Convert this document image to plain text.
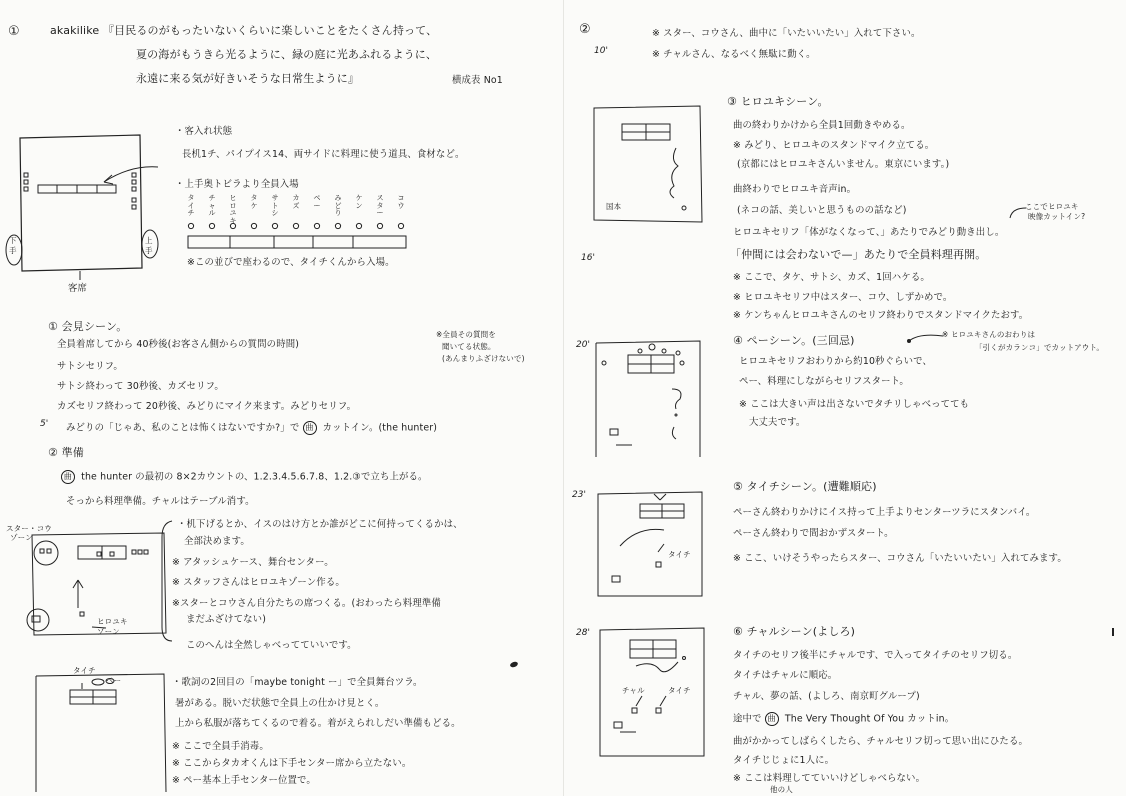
①	②
akakilike 『目民るのがもったいないくらいに楽しいことをたくさん持って、
夏の海がもうきら光るように、緑の庭に光あふれるように、
永遠に来る気が好きいそうな日常生ように』	横成表 No1
下手
上手
客席
・客入れ状態
長机1チ、パイプイス14、両サイドに料理に使う道具、食材など。
・上手奥トビラより全員入場
タイチ
チャル
ヒロユキ
タケ
サトシ
カズ
ペー
みどり
ケン
スター
コウ
※この並びで座わるので、タイチくんから入場。
① 会見シーン。
全員着席してから 40秒後(お客さん側からの質問の時間)
サトシセリフ。
サトシ終わって 30秒後、カズセリフ。
カズセリフ終わって 20秒後、みどりにマイク来ます。みどりセリフ。
※全員その質問を
聞いてる状態。
(あんまりふざけないで)
5' みどりの「じゃあ、私のことは怖くはないですか?」で 曲 カットイン。(the hunter)
② 準備
曲 the hunter の最初の 8×2カウントの、1.2.3.4.5.6.7.8、1.2.③で立ち上がる。
そっから料理準備。チャルはテーブル消す。
スター・コウ
ゾーン
ヒロユキ
ゾーン
・机下げるとか、イスのはけ方とか誰がどこに何持ってくるかは、
全部決めます。
※ アタッシュケース、舞台センター。
※ スタッフさんはヒロユキゾーン作る。
※スターとコウさん自分たちの席つくる。(おわったら料理準備
まだふざけてない)
このへんは全然しゃべってていいです。
タイチ
ペー	・歌詞の2回目の「maybe tonight ー」で全員舞台ツラ。
暑がある。脱いだ状態で全員上の仕かけ見とく。
上から私服が落ちてくるので着る。着がえられしだい準備もどる。
※ ここで全員手消毒。
※ ここからタカオくんは下手センター席から立たない。
※ ペー基本上手センター位置で。
※ スター、コウさん、曲中に「いたいいたい」入れて下さい。
※ チャルさん、なるべく無駄に動く。
10'
国本
③ ヒロユキシーン。
曲の終わりかけから全員1回動きやめる。
※ みどり、ヒロユキのスタンドマイク立てる。
(京都にはヒロユキさんいません。東京にいます。)
曲終わりでヒロユキ音声in。
(ネコの話、美しいと思うものの話など)	ここでヒロユキ
映像カットイン?
ヒロユキセリフ「体がなくなって、」あたりでみどり動き出し。
「仲間には会わないで—」あたりで全員料理再開。
※ ここで、タケ、サトシ、カズ、1回ハケる。
※ ヒロユキセリフ中はスター、コウ、しずかめで。
※ ケンちゃんヒロユキさんのセリフ終わりでスタンドマイクたおす。
16'
④ ペーシーン。(三回忌)	※ ヒロユキさんのおわりは
「引くがカランコ」でカットアウト。
ヒロユキセリフおわりから約10秒ぐらいで、
ペー、料理にしながらセリフスタート。
※ ここは大きい声は出さないでタチリしゃべってても
大丈夫です。
20'
タイチ
⑤ タイチシーン。(遭難順応)
ペーさん終わりかけにイス持って上手よりセンターツラにスタンバイ。
ペーさん終わりで間おかずスタート。
※ ここ、いけそうやったらスター、コウさん「いたいいたい」入れてみます。
23'
チャル	タイチ
⑥ チャルシーン(よしろ)
タイチのセリフ後半にチャルです、で入ってタイチのセリフ切る。
タイチはチャルに順応。
チャル、夢の話、(よしろ、南京町グループ)
途中で 曲 The Very Thought Of You カットin。
曲がかかってしばらくしたら、チャルセリフ切って思い出にひたる。
タイチじじょに1人に。
※ ここは料理してていいけどしゃべらない。
他の人
28'
